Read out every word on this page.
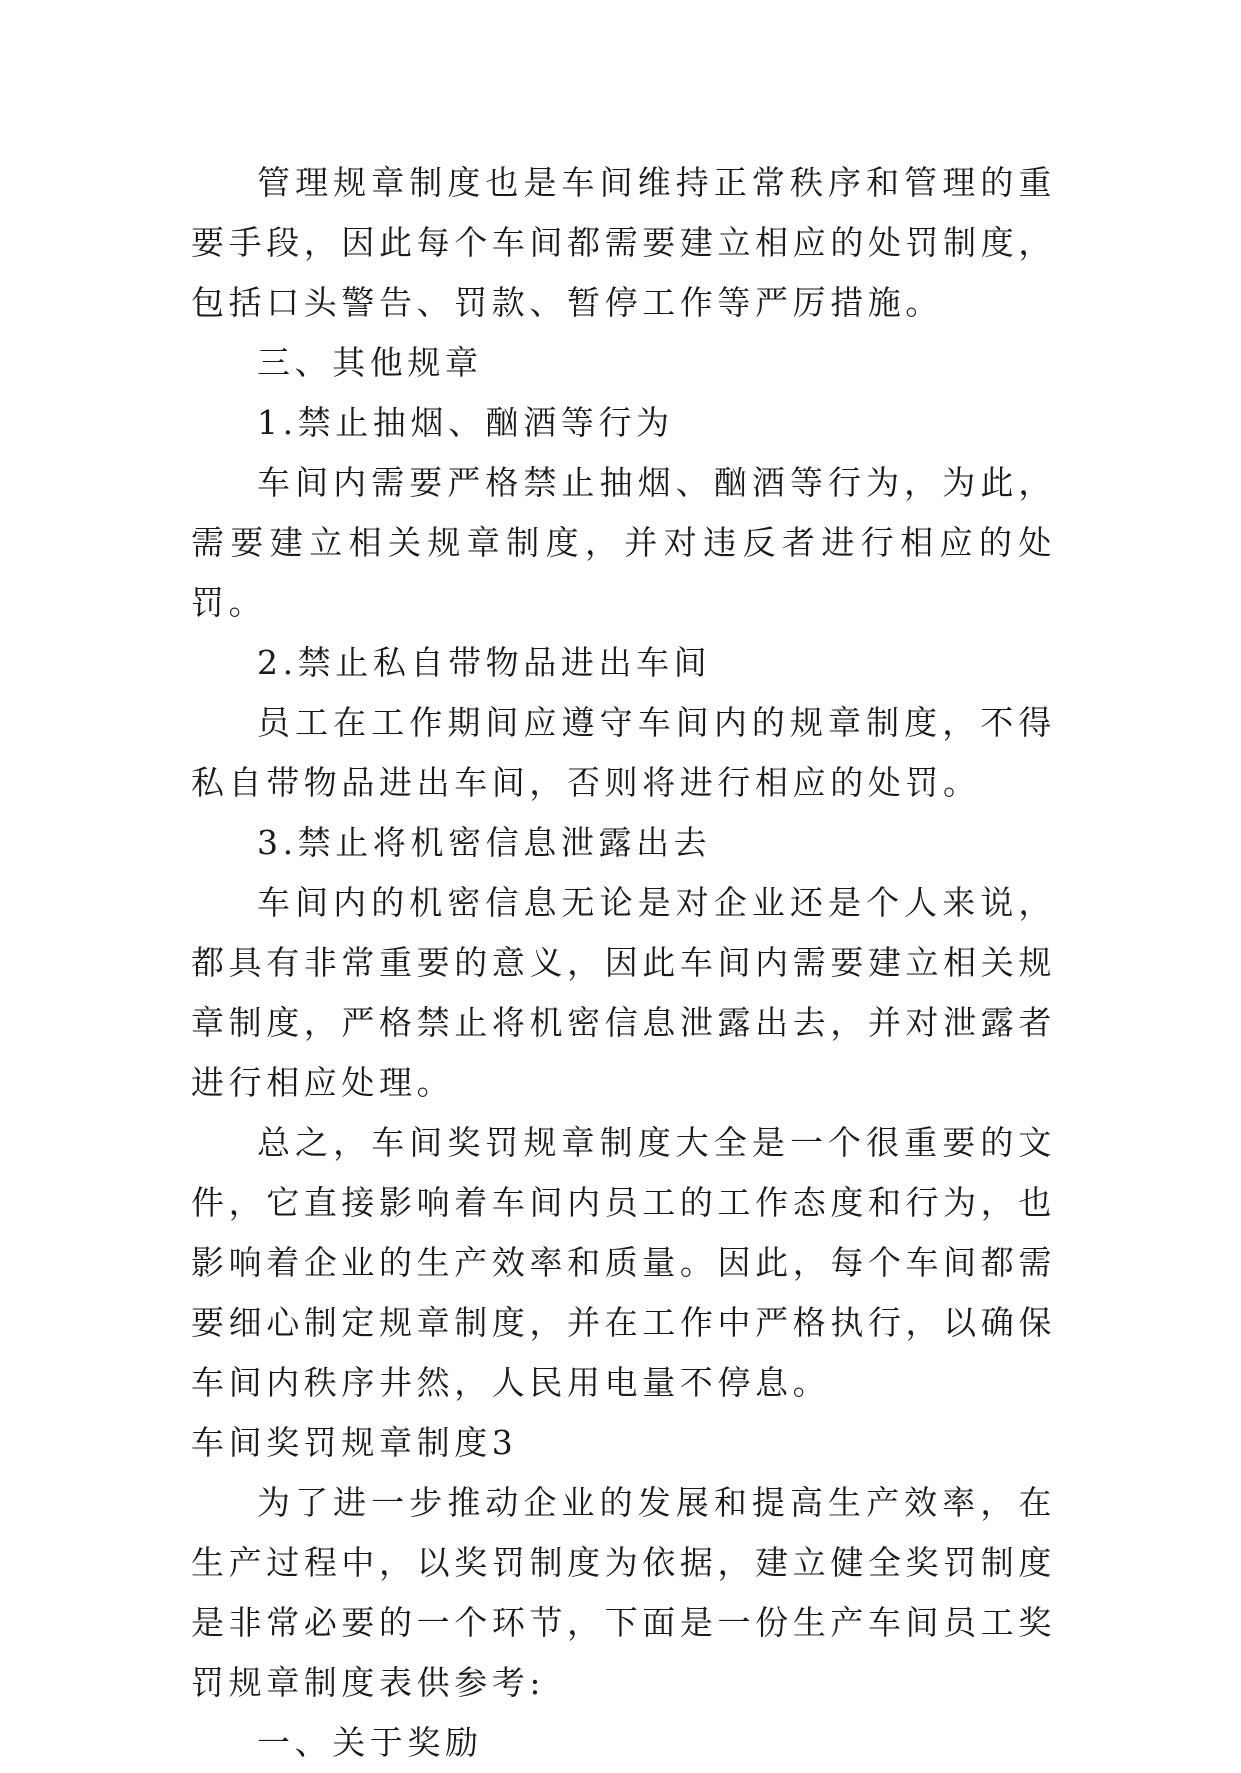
管理规章制度也是车间维持正常秩序和管理的重要手段，因此每个车间都需要建立相应的处罚制度，包括口头警告、罚款、暂停工作等严厉措施。

三、其他规章

1.禁止抽烟、酗酒等行为

车间内需要严格禁止抽烟、酗酒等行为，为此，需要建立相关规章制度，并对违反者进行相应的处罚。

2.禁止私自带物品进出车间

员工在工作期间应遵守车间内的规章制度，不得私自带物品进出车间，否则将进行相应的处罚。

3.禁止将机密信息泄露出去

车间内的机密信息无论是对企业还是个人来说，都具有非常重要的意义，因此车间内需要建立相关规章制度，严格禁止将机密信息泄露出去，并对泄露者进行相应处理。

总之，车间奖罚规章制度大全是一个很重要的文件，它直接影响着车间内员工的工作态度和行为，也影响着企业的生产效率和质量。因此，每个车间都需要细心制定规章制度，并在工作中严格执行，以确保车间内秩序井然，人民用电量不停息。

车间奖罚规章制度3

为了进一步推动企业的发展和提高生产效率，在生产过程中，以奖罚制度为依据，建立健全奖罚制度是非常必要的一个环节，下面是一份生产车间员工奖罚规章制度表供参考:

一、关于奖励
